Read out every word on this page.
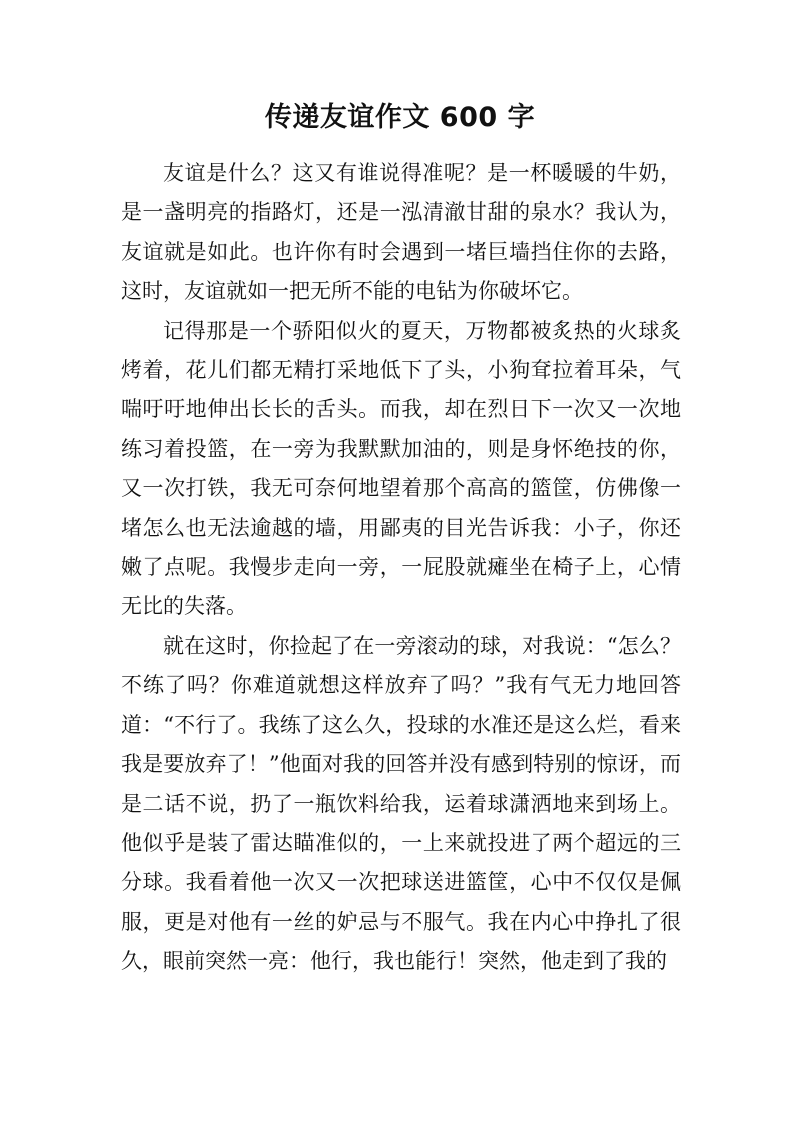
传递友谊作文 600 字

友谊是什么？这又有谁说得准呢？是一杯暖暖的牛奶，是一盏明亮的指路灯，还是一泓清澈甘甜的泉水？我认为，友谊就是如此。也许你有时会遇到一堵巨墙挡住你的去路，这时，友谊就如一把无所不能的电钻为你破坏它。

记得那是一个骄阳似火的夏天，万物都被炙热的火球炙烤着，花儿们都无精打采地低下了头，小狗耷拉着耳朵，气喘吁吁地伸出长长的舌头。而我，却在烈日下一次又一次地练习着投篮，在一旁为我默默加油的，则是身怀绝技的你，又一次打铁，我无可奈何地望着那个高高的篮筐，仿佛像一堵怎么也无法逾越的墙，用鄙夷的目光告诉我：小子，你还嫩了点呢。我慢步走向一旁，一屁股就瘫坐在椅子上，心情无比的失落。

就在这时，你捡起了在一旁滚动的球，对我说：“怎么？不练了吗？你难道就想这样放弃了吗？”我有气无力地回答道：“不行了。我练了这么久，投球的水准还是这么烂，看来我是要放弃了！”他面对我的回答并没有感到特别的惊讶，而是二话不说，扔了一瓶饮料给我，运着球潇洒地来到场上。他似乎是装了雷达瞄准似的，一上来就投进了两个超远的三分球。我看着他一次又一次把球送进篮筐，心中不仅仅是佩服，更是对他有一丝的妒忌与不服气。我在内心中挣扎了很久，眼前突然一亮：他行，我也能行！突然，他走到了我的
